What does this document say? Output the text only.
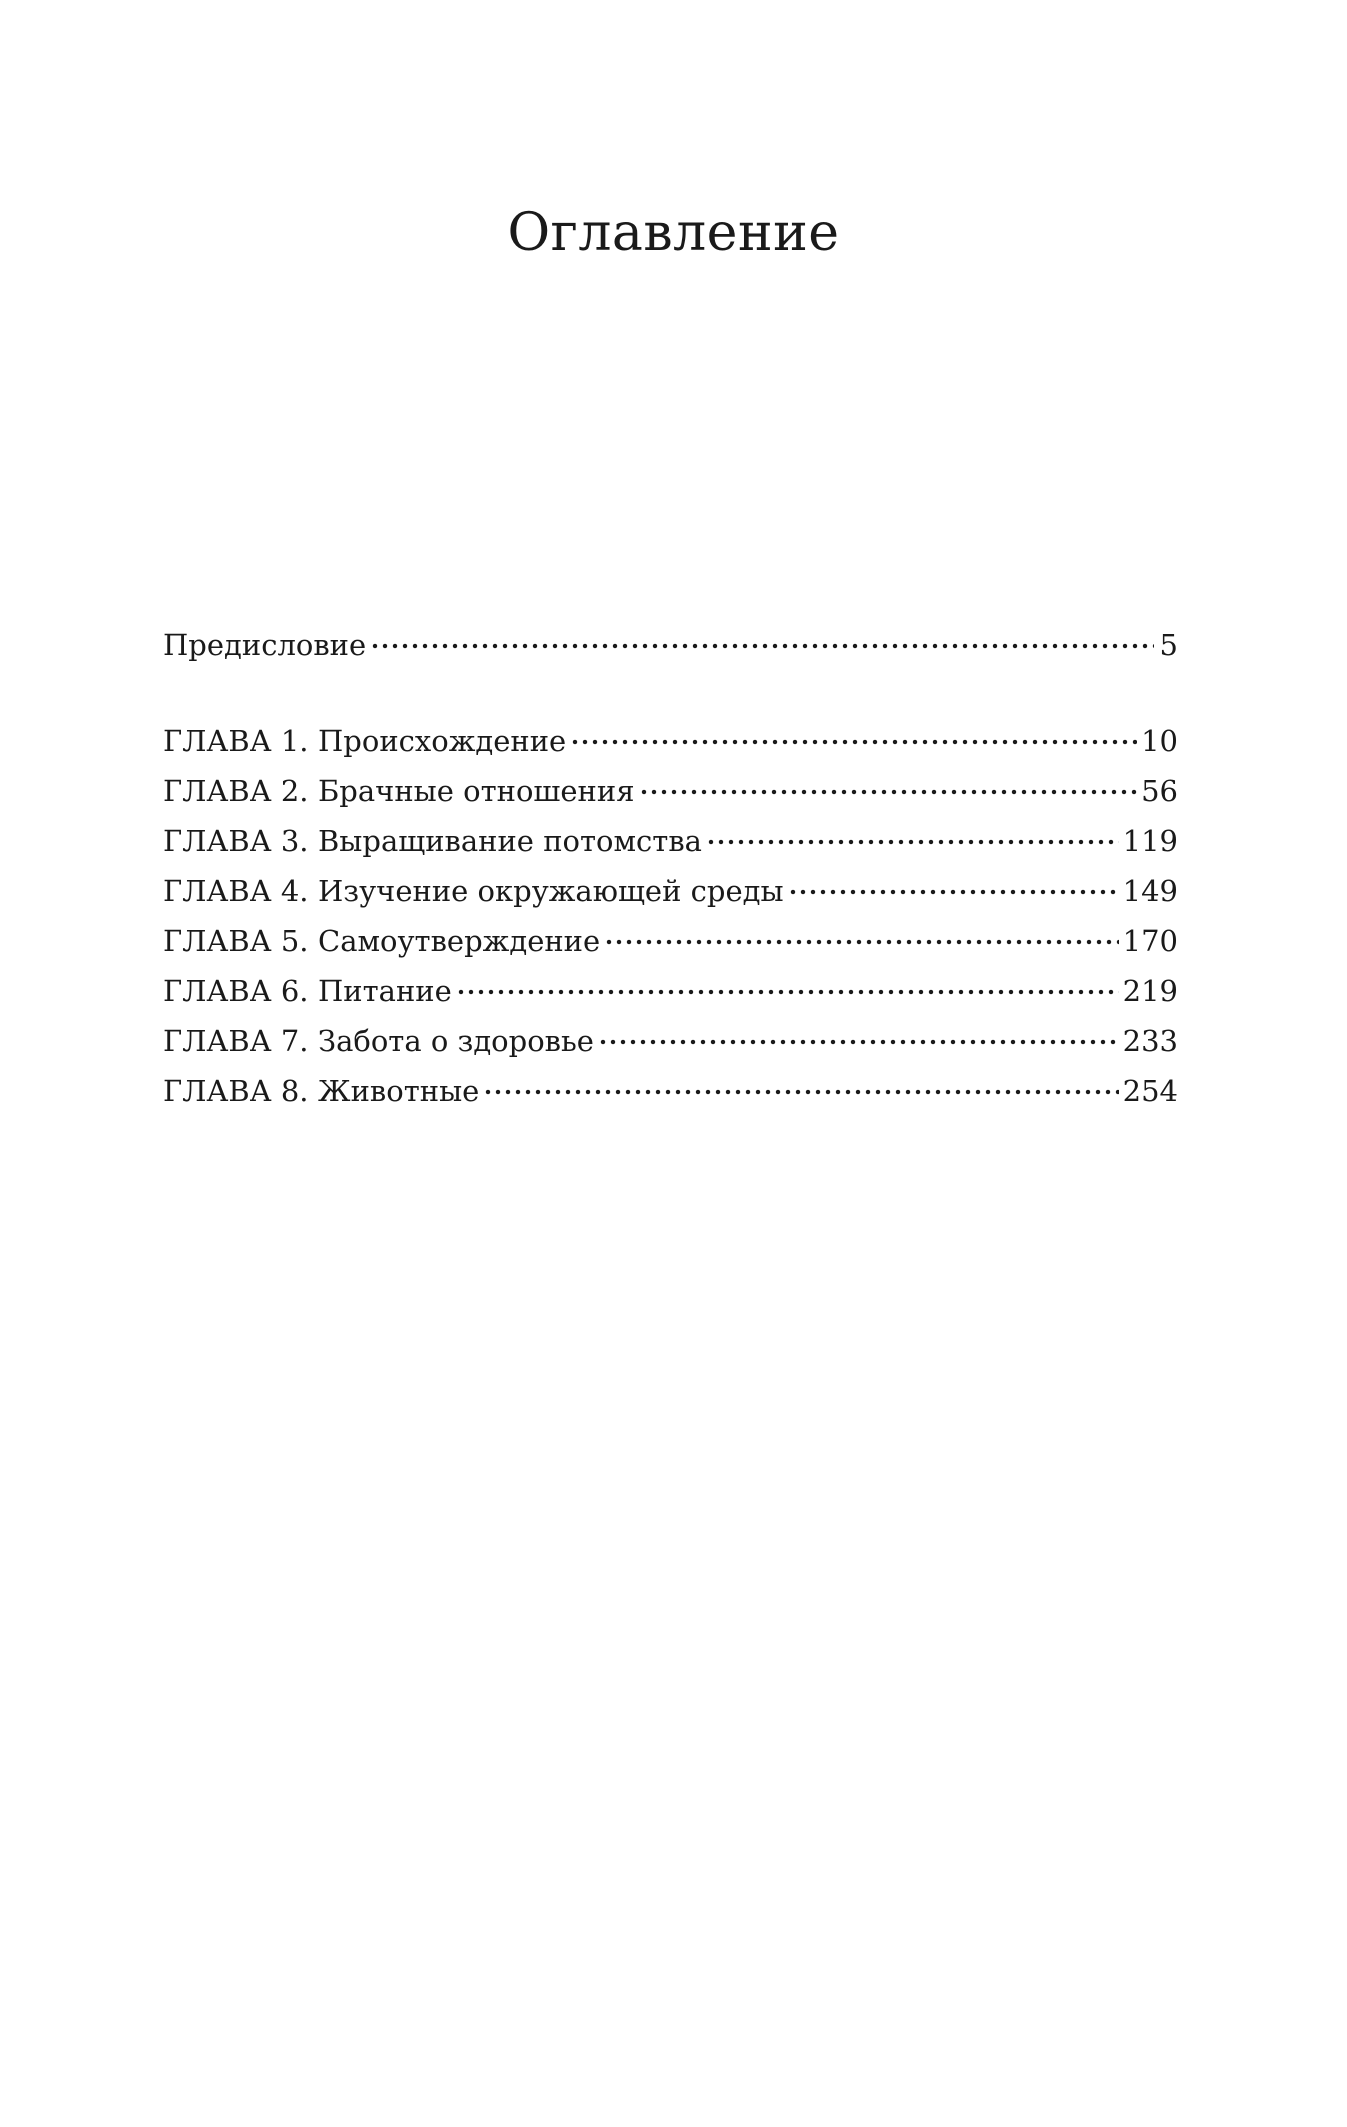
Оглавление
Предисловие	5
ГЛАВА 1. Происхождение	10
ГЛАВА 2. Брачные отношения	56
ГЛАВА 3. Выращивание потомства	119
ГЛАВА 4. Изучение окружающей среды	149
ГЛАВА 5. Самоутверждение	170
ГЛАВА 6. Питание	219
ГЛАВА 7. Забота о здоровье	233
ГЛАВА 8. Животные	254
